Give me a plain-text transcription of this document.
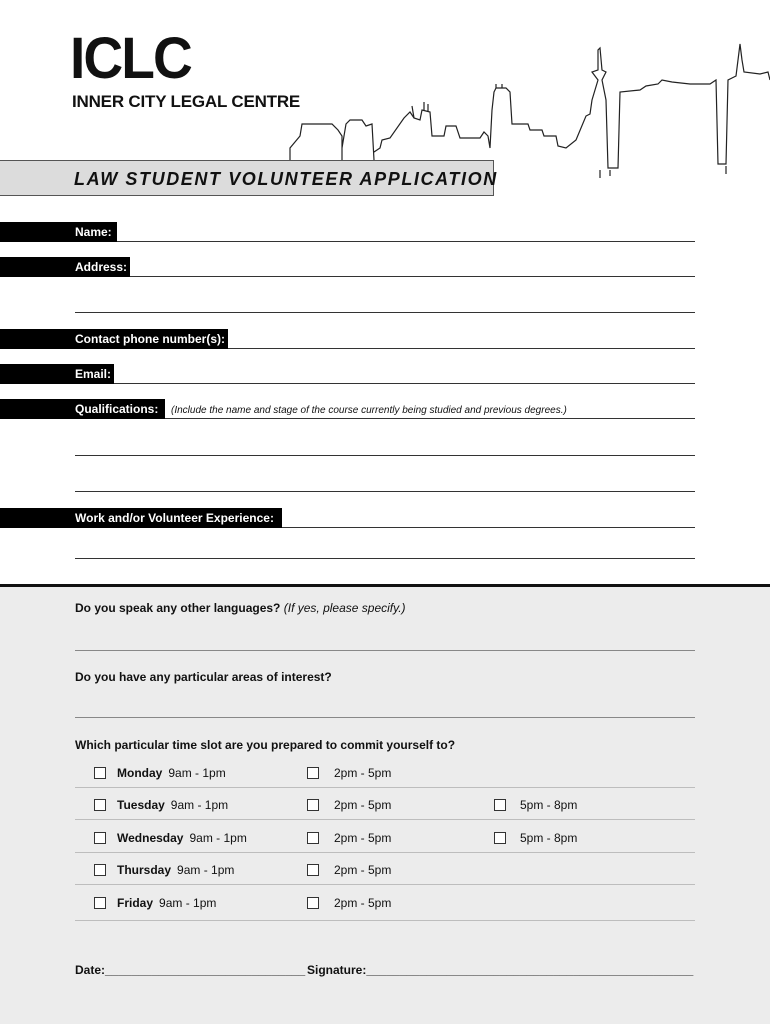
ICLC
INNER CITY LEGAL CENTRE
LAW STUDENT VOLUNTEER APPLICATION
Name:
Address:
Contact phone number(s):
Email:
Qualifications: (Include the name and stage of the course currently being studied and previous degrees.)
Work and/or Volunteer Experience:
Do you speak any other languages? (If yes, please specify.)
Do you have any particular areas of interest?
Which particular time slot are you prepared to commit yourself to?
Monday 9am - 1pm	2pm - 5pm
Tuesday 9am - 1pm	2pm - 5pm	5pm - 8pm
Wednesday 9am - 1pm	2pm - 5pm	5pm - 8pm
Thursday 9am - 1pm	2pm - 5pm
Friday 9am - 1pm	2pm - 5pm
Date:______________________________ Signature:_________________________________________________
